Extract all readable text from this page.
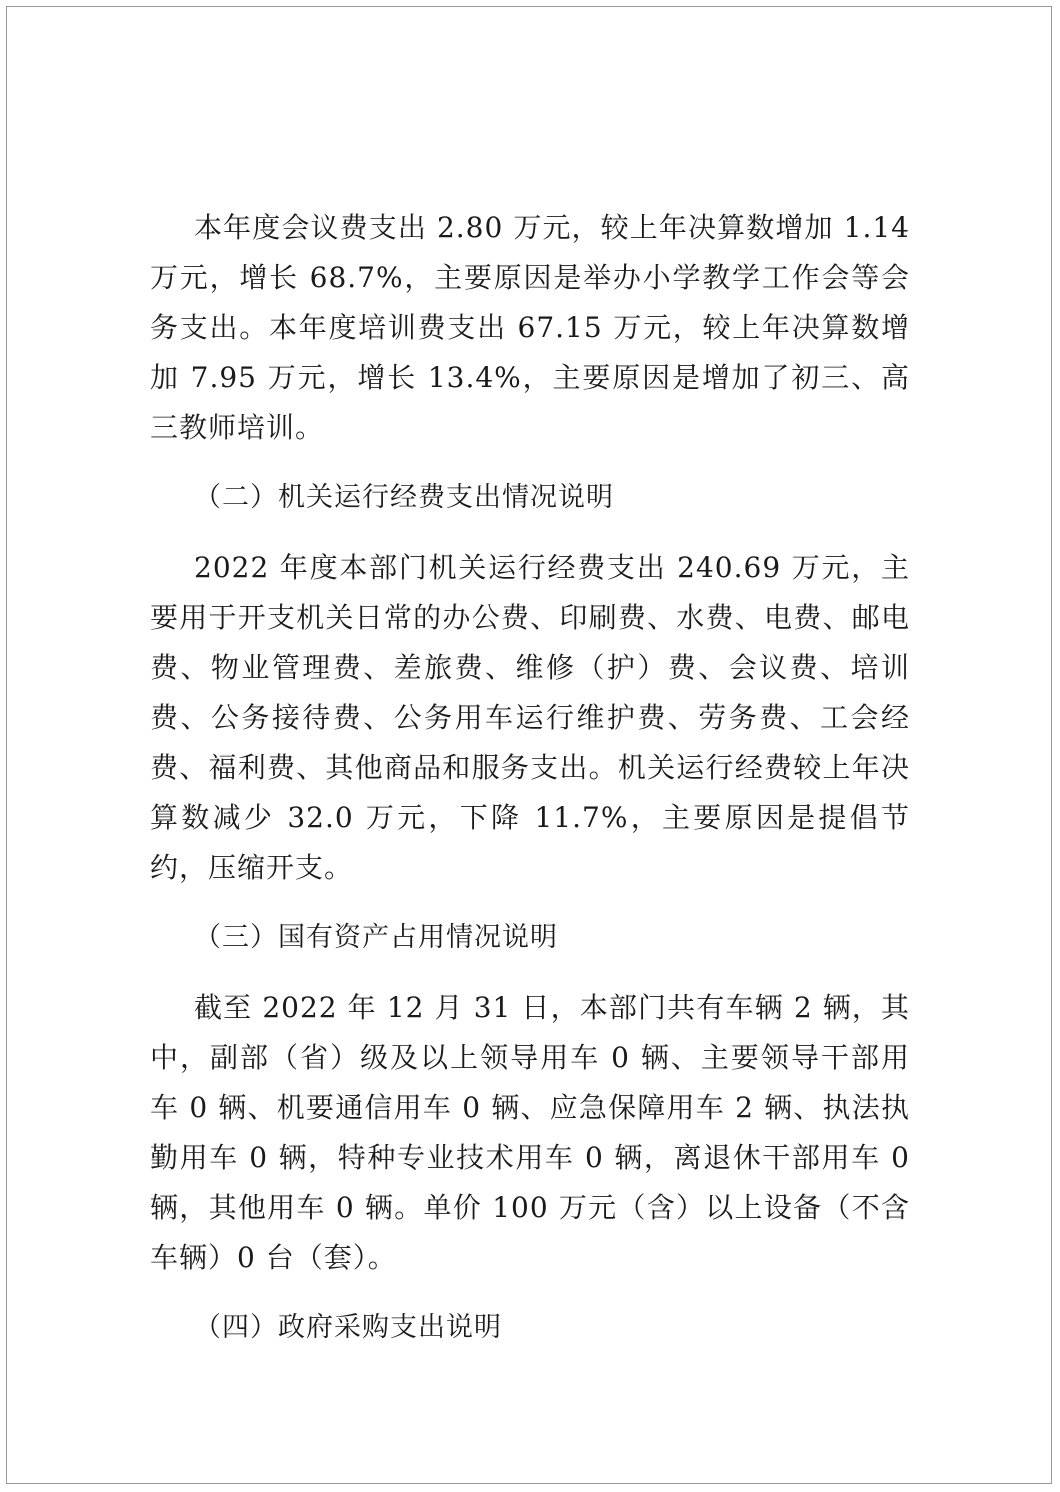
本年度会议费支出 2.80 万元，较上年决算数增加 1.14 万元，增长 68.7%，主要原因是举办小学教学工作会等会务支出。本年度培训费支出 67.15 万元，较上年决算数增加 7.95 万元，增长 13.4%，主要原因是增加了初三、高三教师培训。

（二）机关运行经费支出情况说明

2022 年度本部门机关运行经费支出 240.69 万元，主要用于开支机关日常的办公费、印刷费、水费、电费、邮电费、物业管理费、差旅费、维修（护）费、会议费、培训费、公务接待费、公务用车运行维护费、劳务费、工会经费、福利费、其他商品和服务支出。机关运行经费较上年决算数减少 32.0 万元，下降 11.7%，主要原因是提倡节约，压缩开支。

（三）国有资产占用情况说明

截至 2022 年 12 月 31 日，本部门共有车辆 2 辆，其中，副部（省）级及以上领导用车 0 辆、主要领导干部用车 0 辆、机要通信用车 0 辆、应急保障用车 2 辆、执法执勤用车 0 辆，特种专业技术用车 0 辆，离退休干部用车 0 辆，其他用车 0 辆。单价 100 万元（含）以上设备（不含车辆）0 台（套）。

（四）政府采购支出说明
